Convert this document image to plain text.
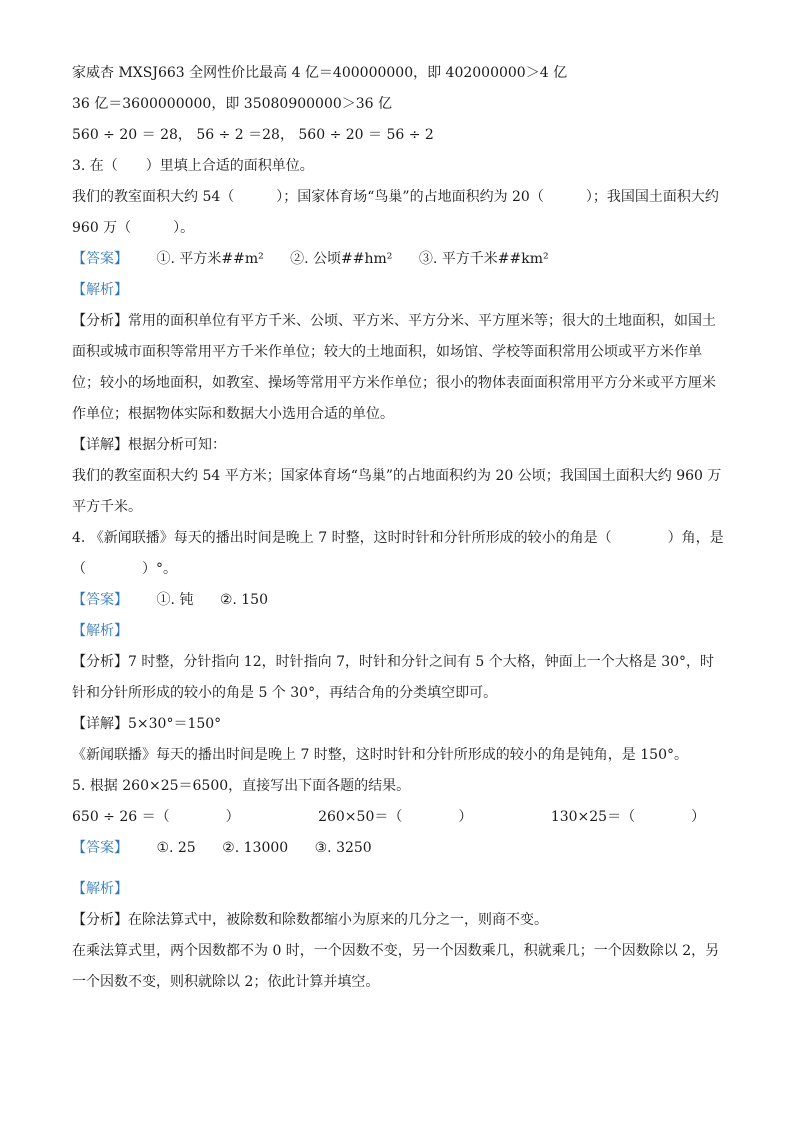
家威杏 MXSJ663 全网性价比最高 4 亿＝400000000，即 402000000＞4 亿
36 亿＝3600000000，即 35080900000＞36 亿
560 ÷ 20 ＝ 28， 56 ÷ 2 ＝28， 560 ÷ 20 ＝ 56 ÷ 2
3. 在（　　）里填上合适的面积单位。
我们的教室面积大约 54（　　　）；国家体育场“鸟巢”的占地面积约为 20（　　　）；我国国土面积大约
960 万（　　　）。
【答案】 ①. 平方米##m² ②. 公顷##hm² ③. 平方千米##km²
【解析】
【分析】常用的面积单位有平方千米、公顷、平方米、平方分米、平方厘米等；很大的土地面积，如国土面积或城市面积等常用平方千米作单位；较大的土地面积，如场馆、学校等面积常用公顷或平方米作单位；较小的场地面积，如教室、操场等常用平方米作单位；很小的物体表面面积常用平方分米或平方厘米作单位；根据物体实际和数据大小选用合适的单位。
【详解】根据分析可知：
我们的教室面积大约 54 平方米；国家体育场“鸟巢”的占地面积约为 20 公顷；我国国土面积大约 960 万平方千米。
4. 《新闻联播》每天的播出时间是晚上 7 时整，这时时针和分针所形成的较小的角是（　　　　）角，是
（　　　　）°。
【答案】 ①. 钝 ②. 150
【解析】
【分析】7 时整，分针指向 12，时针指向 7，时针和分针之间有 5 个大格，钟面上一个大格是 30°，时针和分针所形成的较小的角是 5 个 30°，再结合角的分类填空即可。
【详解】5×30°＝150°
《新闻联播》每天的播出时间是晚上 7 时整，这时时针和分针所形成的较小的角是钝角，是 150°。
5. 根据 260×25＝6500，直接写出下面各题的结果。
650 ÷ 26 ＝（　　　　）	260×50＝（　　　　）	130×25＝（　　　　）
【答案】 ①. 25 ②. 13000 ③. 3250
【解析】
【分析】在除法算式中，被除数和除数都缩小为原来的几分之一，则商不变。
在乘法算式里，两个因数都不为 0 时，一个因数不变，另一个因数乘几，积就乘几；一个因数除以 2，另一个因数不变，则积就除以 2；依此计算并填空。
